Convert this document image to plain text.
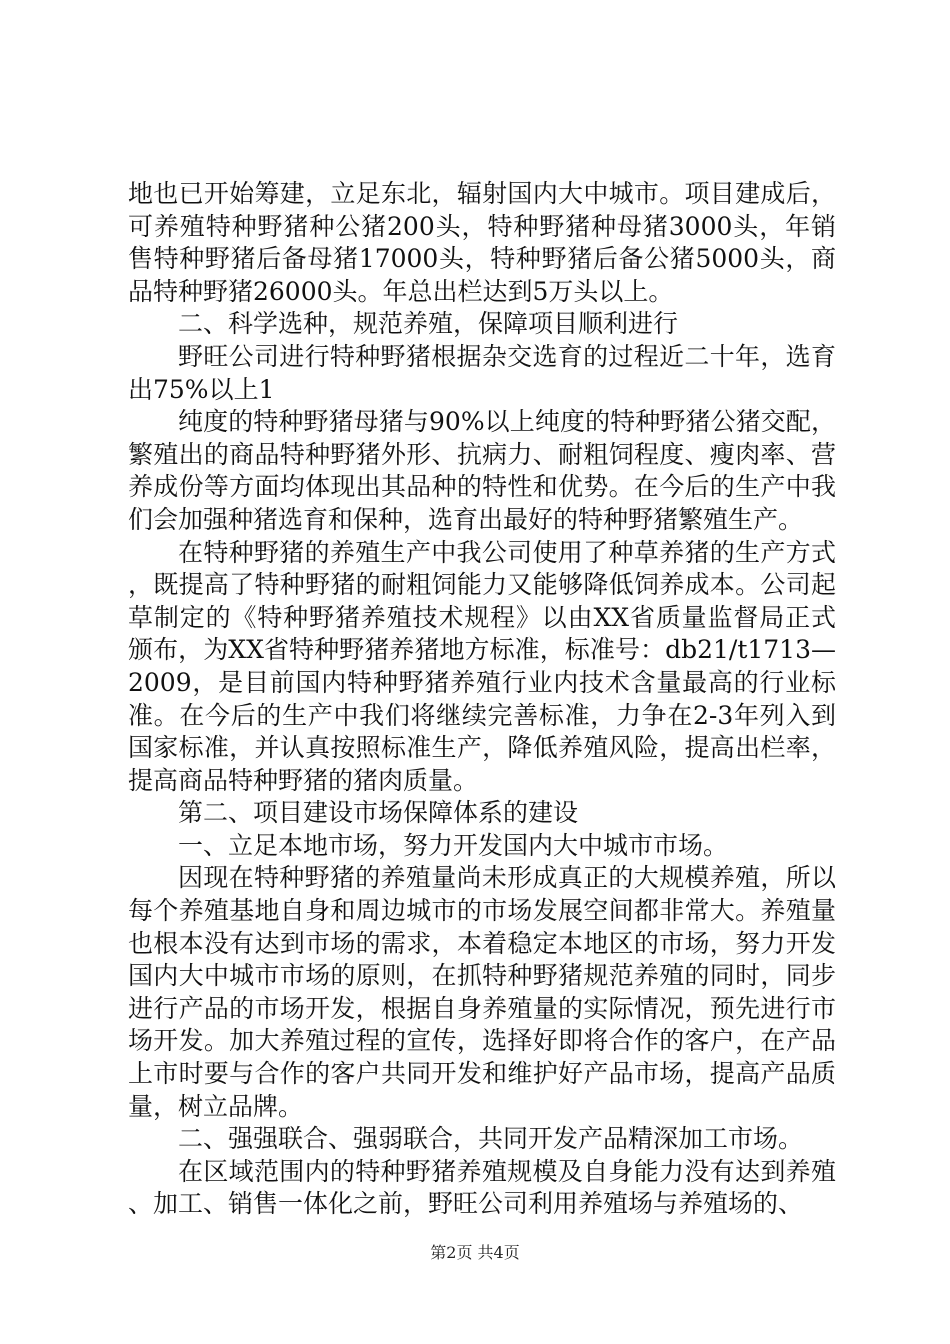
地也已开始筹建，立足东北，辐射国内大中城市。项目建成后，可养殖特种野猪种公猪200头，特种野猪种母猪3000头，年销售特种野猪后备母猪17000头，特种野猪后备公猪5000头，商品特种野猪26000头。年总出栏达到5万头以上。

二、科学选种，规范养殖，保障项目顺利进行

野旺公司进行特种野猪根据杂交选育的过程近二十年，选育出75%以上1

纯度的特种野猪母猪与90%以上纯度的特种野猪公猪交配，繁殖出的商品特种野猪外形、抗病力、耐粗饲程度、瘦肉率、营养成份等方面均体现出其品种的特性和优势。在今后的生产中我们会加强种猪选育和保种，选育出最好的特种野猪繁殖生产。

在特种野猪的养殖生产中我公司使用了种草养猪的生产方式，既提高了特种野猪的耐粗饲能力又能够降低饲养成本。公司起草制定的《特种野猪养殖技术规程》以由XX省质量监督局正式颁布，为XX省特种野猪养猪地方标准，标准号：db21/t1713—2009，是目前国内特种野猪养殖行业内技术含量最高的行业标准。在今后的生产中我们将继续完善标准，力争在2-3年列入到国家标准，并认真按照标准生产，降低养殖风险，提高出栏率，提高商品特种野猪的猪肉质量。

第二、项目建设市场保障体系的建设

一、立足本地市场，努力开发国内大中城市市场。

因现在特种野猪的养殖量尚未形成真正的大规模养殖，所以每个养殖基地自身和周边城市的市场发展空间都非常大。养殖量也根本没有达到市场的需求，本着稳定本地区的市场，努力开发国内大中城市市场的原则，在抓特种野猪规范养殖的同时，同步进行产品的市场开发，根据自身养殖量的实际情况，预先进行市场开发。加大养殖过程的宣传，选择好即将合作的客户，在产品上市时要与合作的客户共同开发和维护好产品市场，提高产品质量，树立品牌。

二、强强联合、强弱联合，共同开发产品精深加工市场。

在区域范围内的特种野猪养殖规模及自身能力没有达到养殖、加工、销售一体化之前，野旺公司利用养殖场与养殖场的、

第2页 共4页
